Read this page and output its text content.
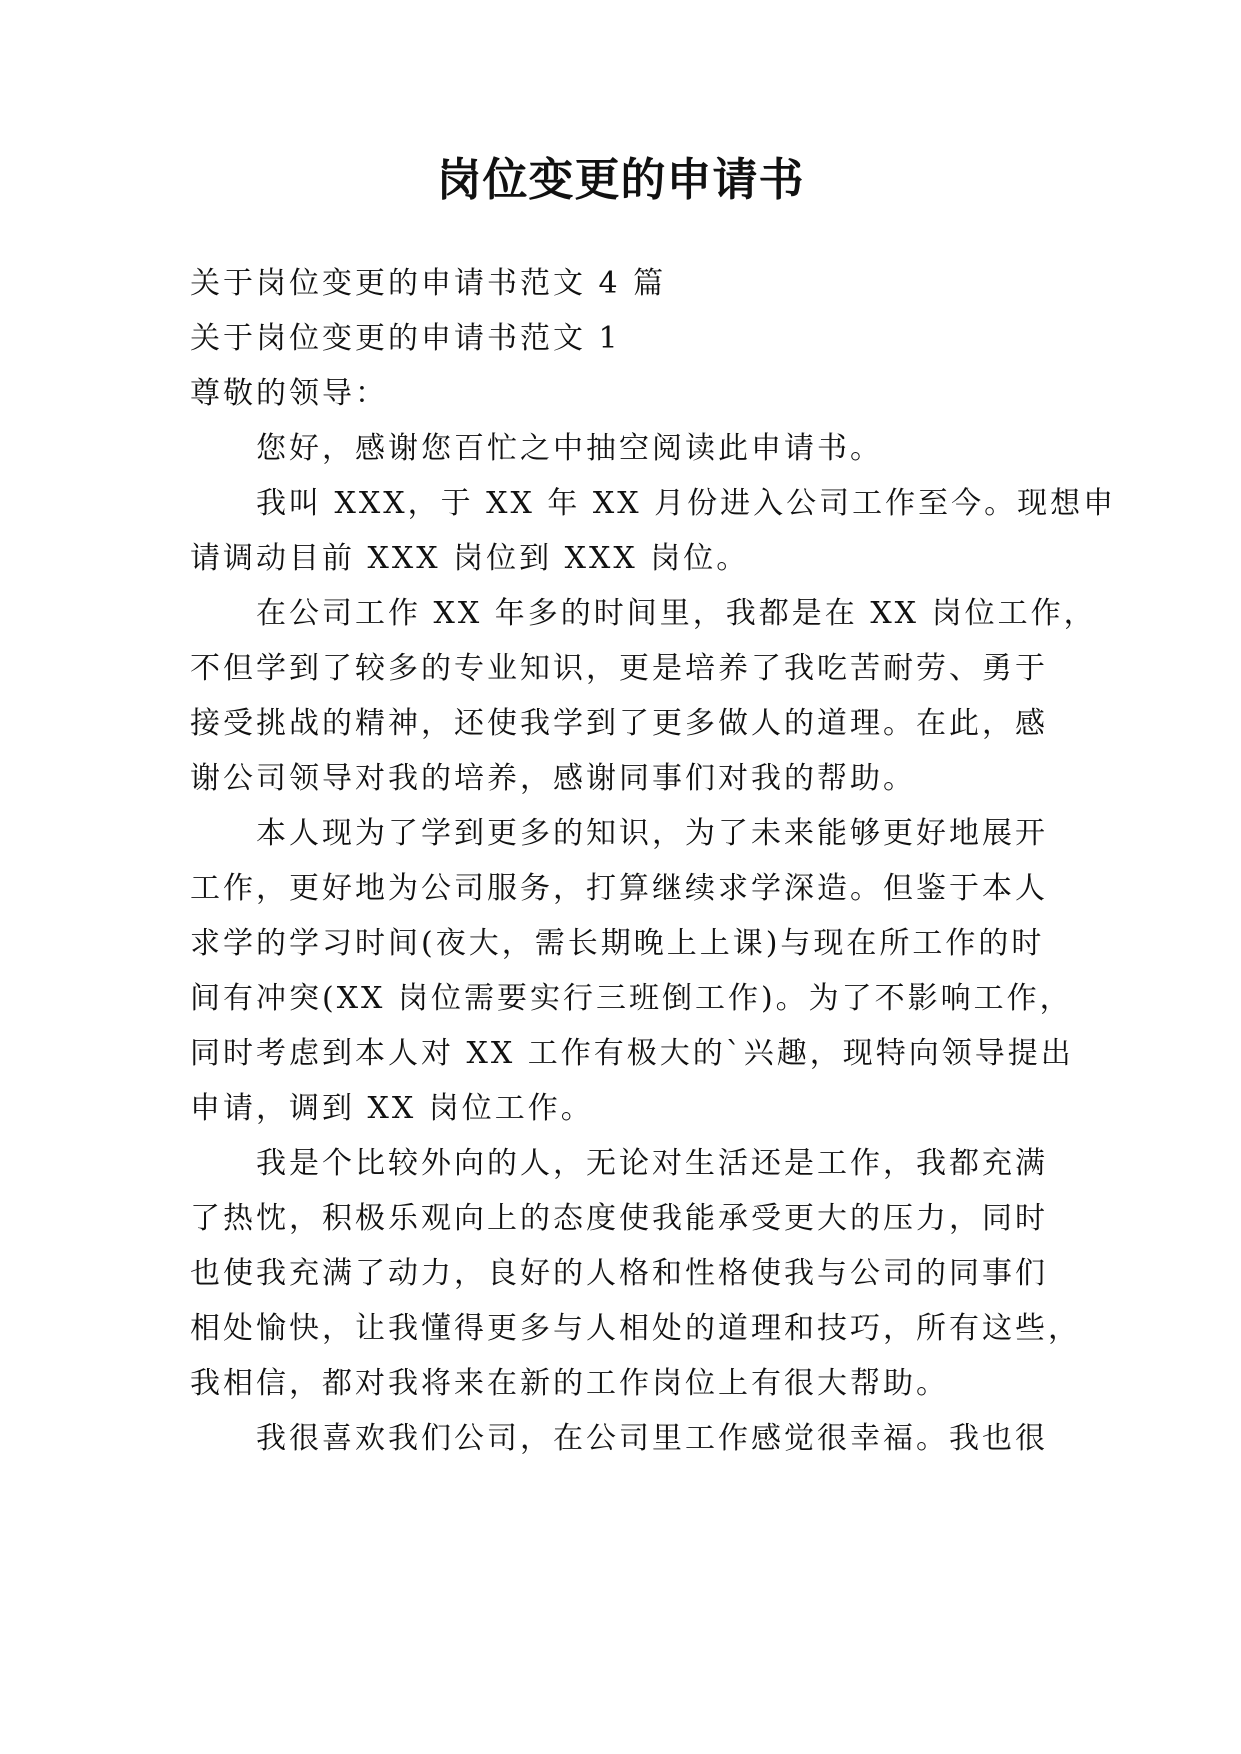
岗位变更的申请书
关于岗位变更的申请书范文 4 篇
关于岗位变更的申请书范文 1
尊敬的领导：
您好，感谢您百忙之中抽空阅读此申请书。
我叫 XXX，于 XX 年 XX 月份进入公司工作至今。现想申
请调动目前 XXX 岗位到 XXX 岗位。
在公司工作 XX 年多的时间里，我都是在 XX 岗位工作，
不但学到了较多的专业知识，更是培养了我吃苦耐劳、勇于
接受挑战的精神，还使我学到了更多做人的道理。在此，感
谢公司领导对我的培养，感谢同事们对我的帮助。
本人现为了学到更多的知识，为了未来能够更好地展开
工作，更好地为公司服务，打算继续求学深造。但鉴于本人
求学的学习时间(夜大，需长期晚上上课)与现在所工作的时
间有冲突(XX 岗位需要实行三班倒工作)。为了不影响工作，
同时考虑到本人对 XX 工作有极大的`兴趣，现特向领导提出
申请，调到 XX 岗位工作。
我是个比较外向的人，无论对生活还是工作，我都充满
了热忱，积极乐观向上的态度使我能承受更大的压力，同时
也使我充满了动力，良好的人格和性格使我与公司的同事们
相处愉快，让我懂得更多与人相处的道理和技巧，所有这些，
我相信，都对我将来在新的工作岗位上有很大帮助。
我很喜欢我们公司，在公司里工作感觉很幸福。我也很
